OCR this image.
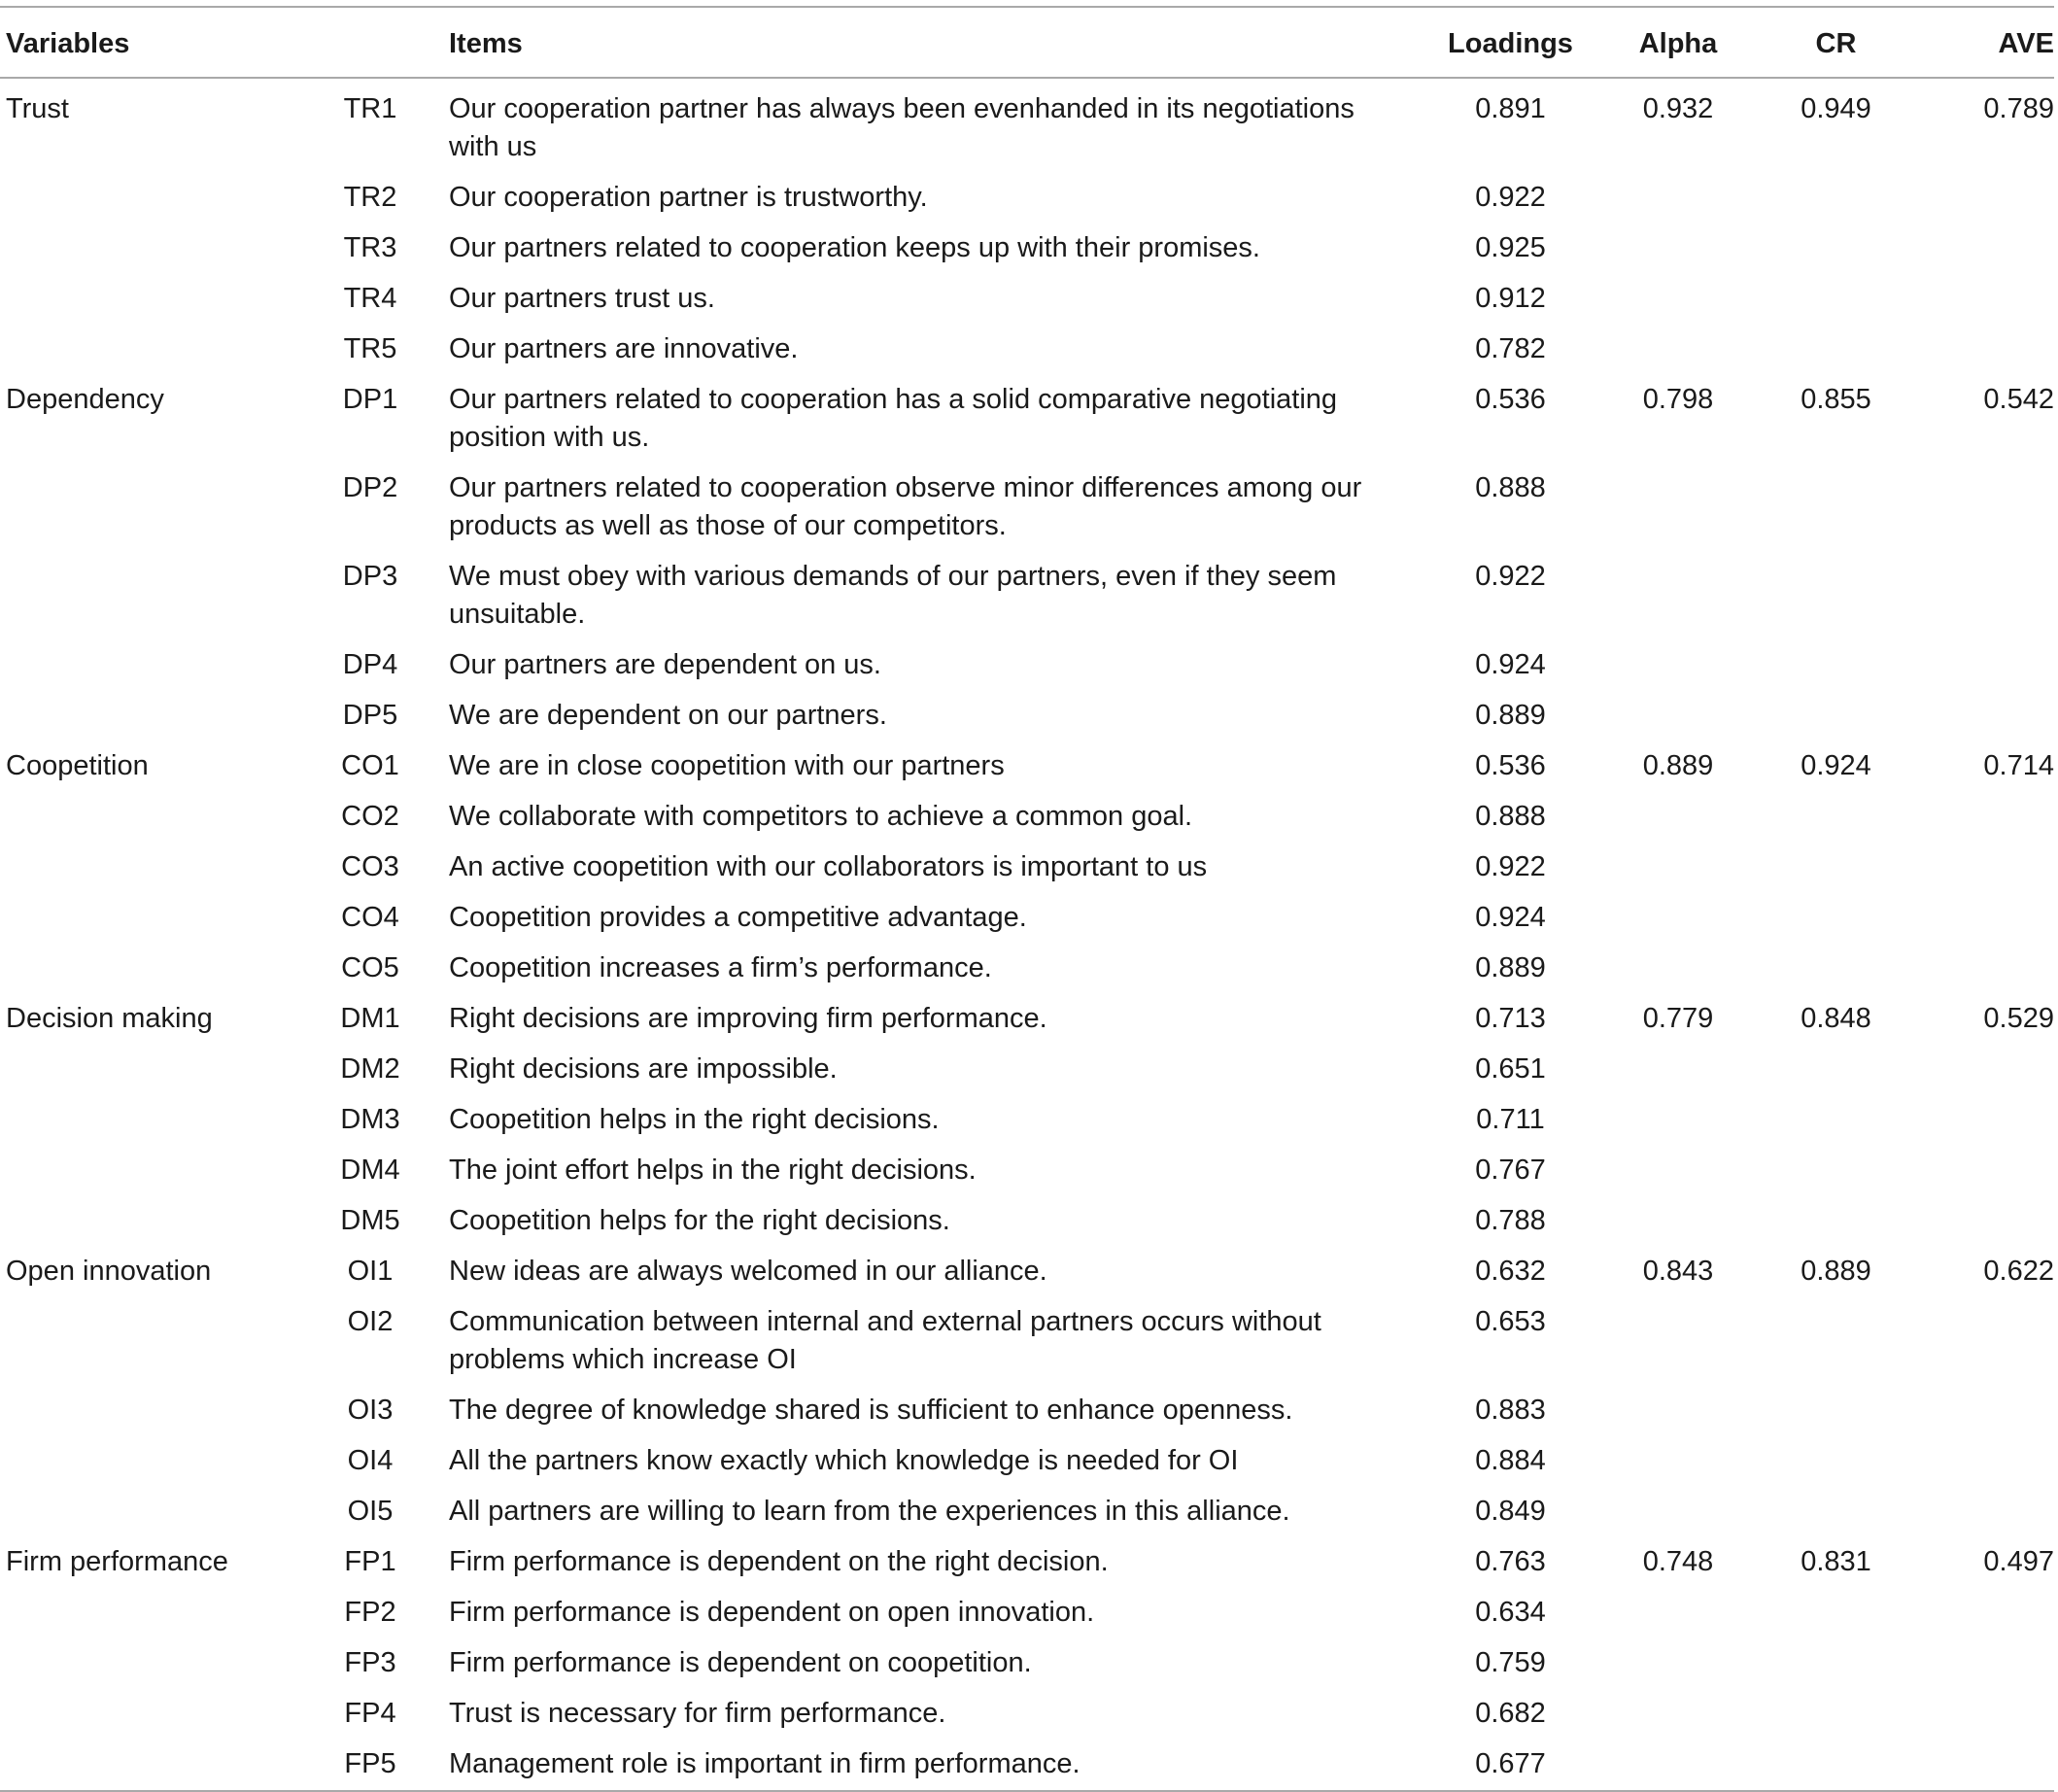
Variables		Items	Loadings	Alpha	CR	AVE
Trust	TR1	Our cooperation partner has always been evenhanded in its negotiations with us	0.891	0.932	0.949	0.789
	TR2	Our cooperation partner is trustworthy.	0.922			
	TR3	Our partners related to cooperation keeps up with their promises.	0.925			
	TR4	Our partners trust us.	0.912			
	TR5	Our partners are innovative.	0.782			
Dependency	DP1	Our partners related to cooperation has a solid comparative negotiating position with us.	0.536	0.798	0.855	0.542
	DP2	Our partners related to cooperation observe minor differences among our products as well as those of our competitors.	0.888			
	DP3	We must obey with various demands of our partners, even if they seem unsuitable.	0.922			
	DP4	Our partners are dependent on us.	0.924			
	DP5	We are dependent on our partners.	0.889			
Coopetition	CO1	We are in close coopetition with our partners	0.536	0.889	0.924	0.714
	CO2	We collaborate with competitors to achieve a common goal.	0.888			
	CO3	An active coopetition with our collaborators is important to us	0.922			
	CO4	Coopetition provides a competitive advantage.	0.924			
	CO5	Coopetition increases a firm’s performance.	0.889			
Decision making	DM1	Right decisions are improving firm performance.	0.713	0.779	0.848	0.529
	DM2	Right decisions are impossible.	0.651			
	DM3	Coopetition helps in the right decisions.	0.711			
	DM4	The joint effort helps in the right decisions.	0.767			
	DM5	Coopetition helps for the right decisions.	0.788			
Open innovation	OI1	New ideas are always welcomed in our alliance.	0.632	0.843	0.889	0.622
	OI2	Communication between internal and external partners occurs without problems which increase OI	0.653			
	OI3	The degree of knowledge shared is sufficient to enhance openness.	0.883			
	OI4	All the partners know exactly which knowledge is needed for OI	0.884			
	OI5	All partners are willing to learn from the experiences in this alliance.	0.849			
Firm performance	FP1	Firm performance is dependent on the right decision.	0.763	0.748	0.831	0.497
	FP2	Firm performance is dependent on open innovation.	0.634			
	FP3	Firm performance is dependent on coopetition.	0.759			
	FP4	Trust is necessary for firm performance.	0.682			
	FP5	Management role is important in firm performance.	0.677			
